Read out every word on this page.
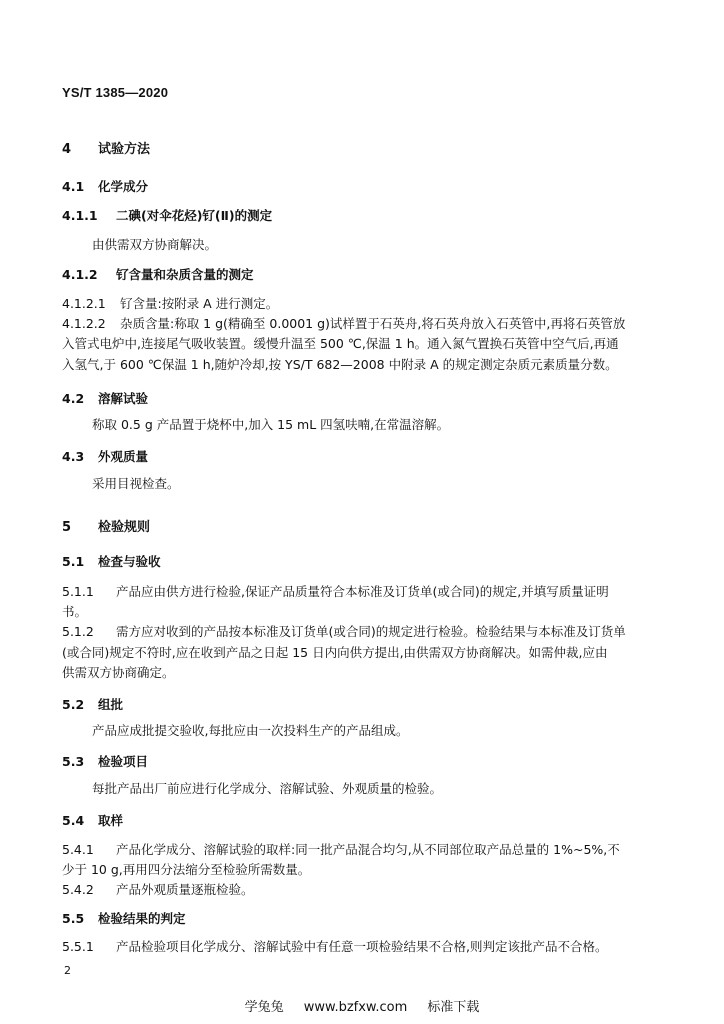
YS/T 1385—2020
4 试验方法
4.1 化学成分
4.1.1 二碘(对伞花烃)钌(Ⅱ)的测定
由供需双方协商解决。
4.1.2 钌含量和杂质含量的测定
4.1.2.1 钌含量:按附录 A 进行测定。
4.1.2.2 杂质含量:称取 1 g(精确至 0.0001 g)试样置于石英舟,将石英舟放入石英管中,再将石英管放
入管式电炉中,连接尾气吸收装置。缓慢升温至 500 ℃,保温 1 h。通入氮气置换石英管中空气后,再通
入氢气,于 600 ℃保温 1 h,随炉冷却,按 YS/T 682—2008 中附录 A 的规定测定杂质元素质量分数。
4.2 溶解试验
称取 0.5 g 产品置于烧杯中,加入 15 mL 四氢呋喃,在常温溶解。
4.3 外观质量
采用目视检查。
5 检验规则
5.1 检查与验收
5.1.1 产品应由供方进行检验,保证产品质量符合本标准及订货单(或合同)的规定,并填写质量证明
书。
5.1.2 需方应对收到的产品按本标准及订货单(或合同)的规定进行检验。检验结果与本标准及订货单
(或合同)规定不符时,应在收到产品之日起 15 日内向供方提出,由供需双方协商解决。如需仲裁,应由
供需双方协商确定。
5.2 组批
产品应成批提交验收,每批应由一次投料生产的产品组成。
5.3 检验项目
每批产品出厂前应进行化学成分、溶解试验、外观质量的检验。
5.4 取样
5.4.1 产品化学成分、溶解试验的取样:同一批产品混合均匀,从不同部位取产品总量的 1%~5%,不
少于 10 g,再用四分法缩分至检验所需数量。
5.4.2 产品外观质量逐瓶检验。
5.5 检验结果的判定
5.5.1 产品检验项目化学成分、溶解试验中有任意一项检验结果不合格,则判定该批产品不合格。
2
学兔兔 www.bzfxw.com 标准下载
